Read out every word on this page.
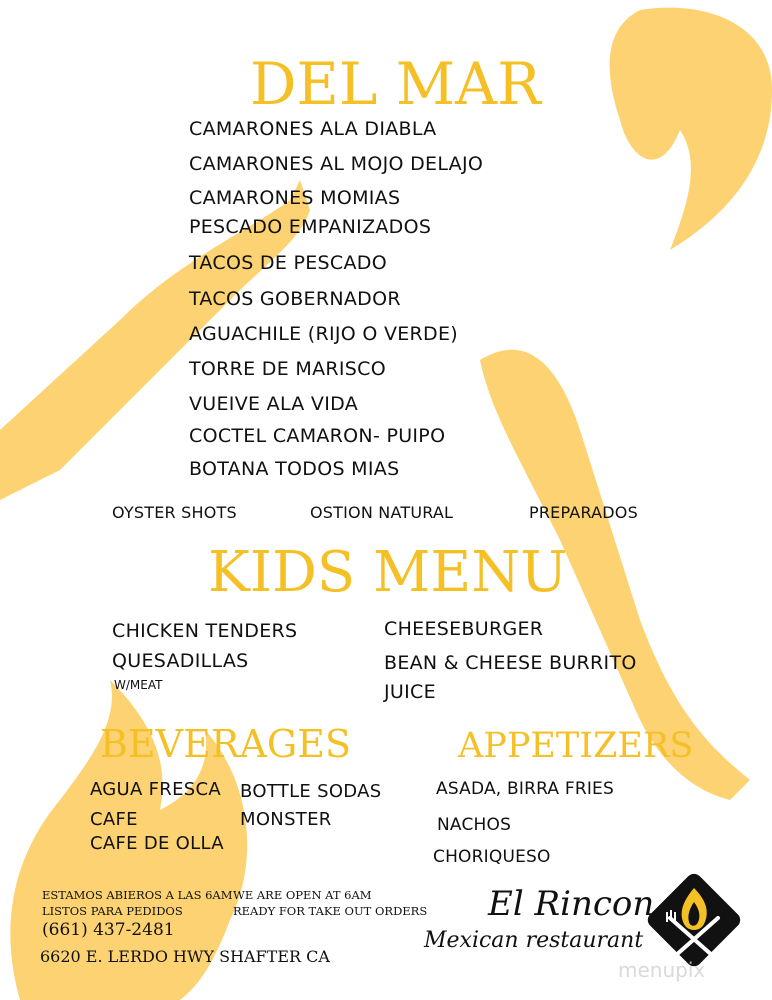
DEL MAR
CAMARONES ALA DIABLA
CAMARONES AL MOJO DELAJO
CAMARONES MOMIAS
PESCADO EMPANIZADOS
TACOS DE PESCADO
TACOS GOBERNADOR
AGUACHILE (RIJO O VERDE)
TORRE DE MARISCO
VUEIVE ALA VIDA
COCTEL CAMARON- PUIPO
BOTANA TODOS MIAS
OYSTER SHOTS	OSTION NATURAL	PREPARADOS
KIDS MENU
CHICKEN TENDERS
QUESADILLAS
W/MEAT
CHEESEBURGER
BEAN & CHEESE BURRITO
JUICE
BEVERAGES
AGUA FRESCA
CAFE
CAFE DE OLLA
BOTTLE SODAS
MONSTER
APPETIZERS
ASADA, BIRRA FRIES
NACHOS
CHORIQUESO
ESTAMOS ABIEROS A LAS 6AM
LISTOS PARA PEDIDOS
WE ARE OPEN AT 6AM
READY FOR TAKE OUT ORDERS
(661) 437-2481
6620 E. LERDO HWY SHAFTER CA
El Rincon
Mexican restaurant
menupix
